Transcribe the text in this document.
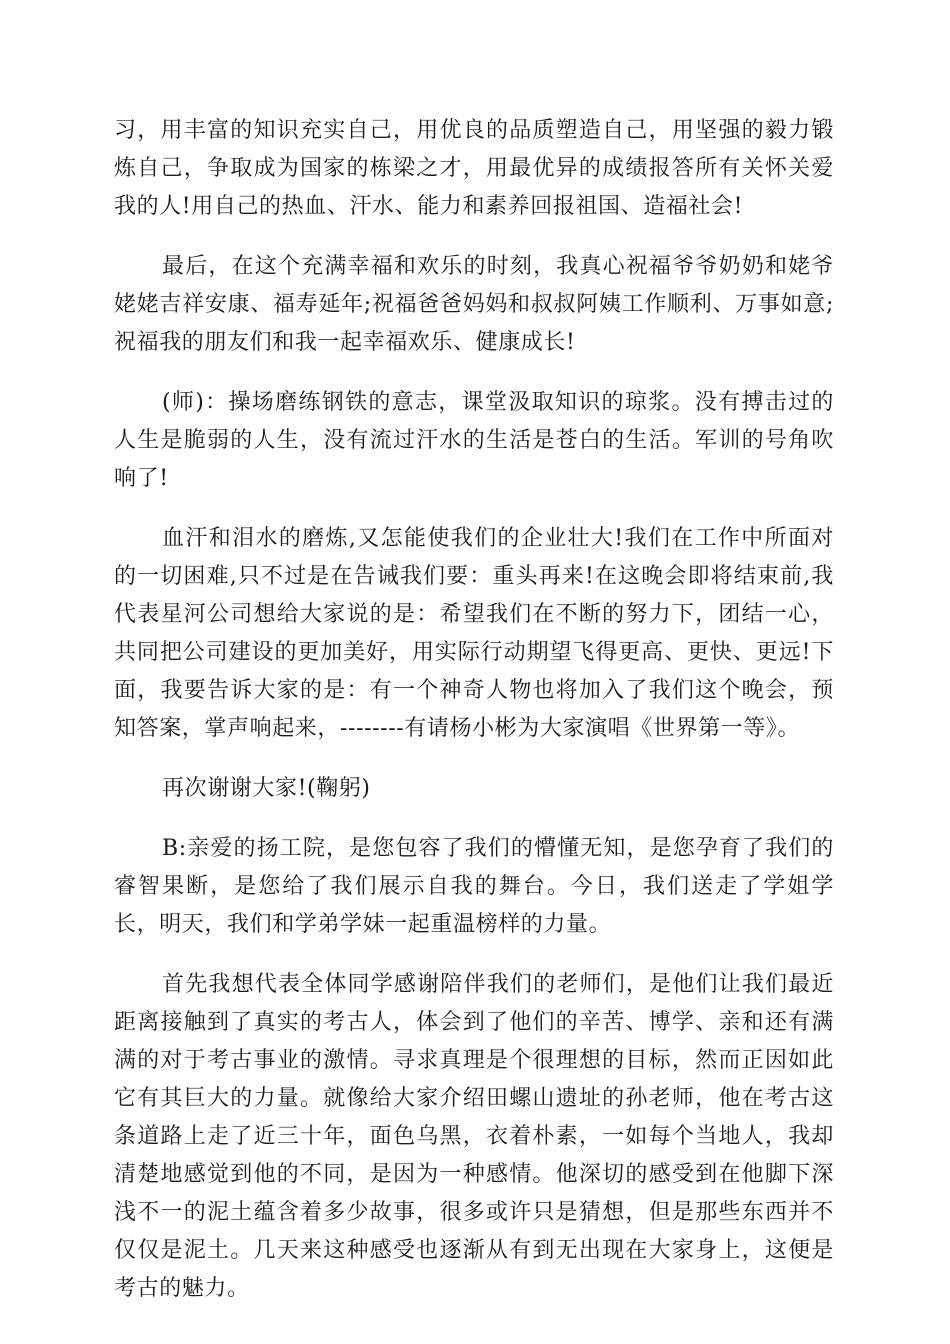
习，用丰富的知识充实自己，用优良的品质塑造自己，用坚强的毅力锻炼自己，争取成为国家的栋梁之才，用最优异的成绩报答所有关怀关爱我的人!用自己的热血、汗水、能力和素养回报祖国、造福社会!

最后，在这个充满幸福和欢乐的时刻，我真心祝福爷爷奶奶和姥爷姥姥吉祥安康、福寿延年;祝福爸爸妈妈和叔叔阿姨工作顺利、万事如意;祝福我的朋友们和我一起幸福欢乐、健康成长!

(师)：操场磨练钢铁的意志，课堂汲取知识的琼浆。没有搏击过的人生是脆弱的人生，没有流过汗水的生活是苍白的生活。军训的号角吹响了!

血汗和泪水的磨炼,又怎能使我们的企业壮大!我们在工作中所面对的一切困难,只不过是在告诫我们要：重头再来!在这晚会即将结束前,我代表星河公司想给大家说的是：希望我们在不断的努力下，团结一心，共同把公司建设的更加美好，用实际行动期望飞得更高、更快、更远!下面，我要告诉大家的是：有一个神奇人物也将加入了我们这个晚会，预知答案，掌声响起来，--------有请杨小彬为大家演唱《世界第一等》。

再次谢谢大家!(鞠躬)

B:亲爱的扬工院，是您包容了我们的懵懂无知，是您孕育了我们的睿智果断，是您给了我们展示自我的舞台。今日，我们送走了学姐学长，明天，我们和学弟学妹一起重温榜样的力量。

首先我想代表全体同学感谢陪伴我们的老师们，是他们让我们最近距离接触到了真实的考古人，体会到了他们的辛苦、博学、亲和还有满满的对于考古事业的激情。寻求真理是个很理想的目标，然而正因如此它有其巨大的力量。就像给大家介绍田螺山遗址的孙老师，他在考古这条道路上走了近三十年，面色乌黑，衣着朴素，一如每个当地人，我却清楚地感觉到他的不同，是因为一种感情。他深切的感受到在他脚下深浅不一的泥土蕴含着多少故事，很多或许只是猜想，但是那些东西并不仅仅是泥土。几天来这种感受也逐渐从有到无出现在大家身上，这便是考古的魅力。
